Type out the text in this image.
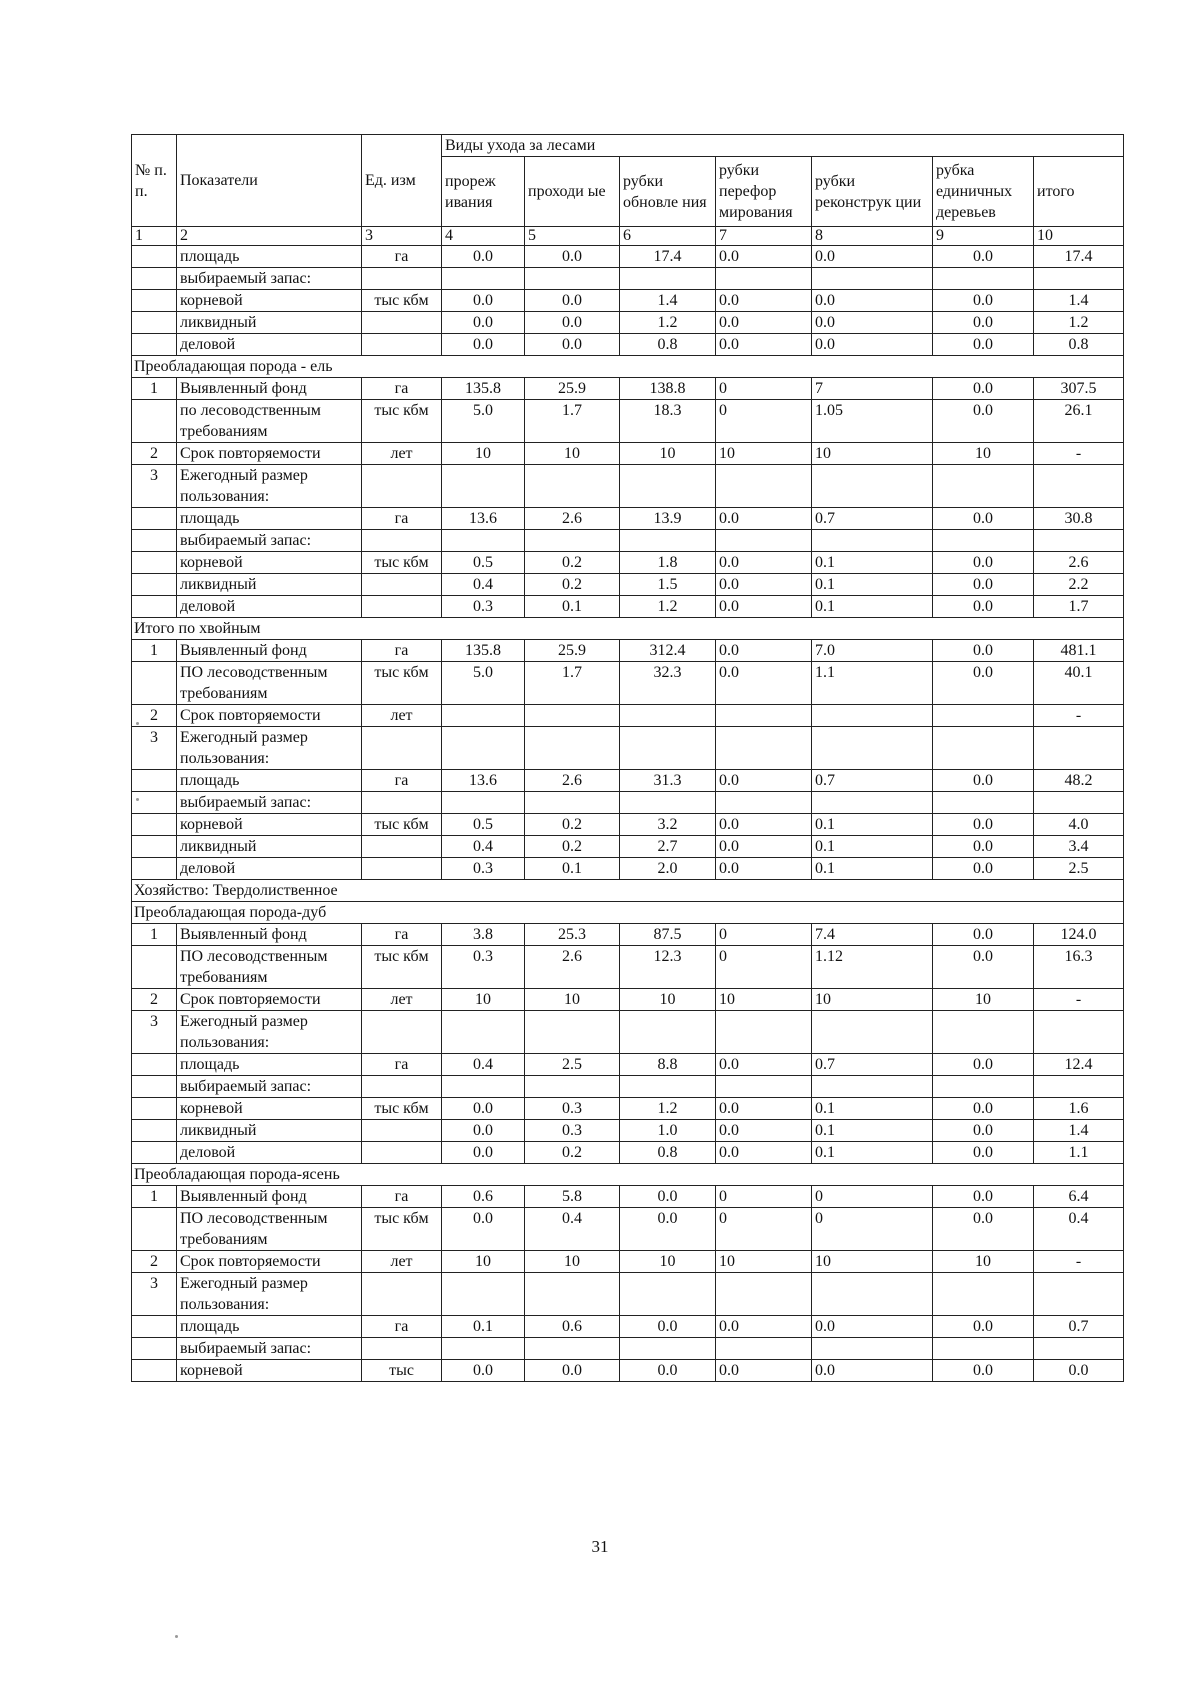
№ п. п.	Показатели	Ед. изм	Виды ухода за лесами						
			прореж ивания	проходи ые	рубки обновле ния	рубки перефор мирования	рубки реконструк ции	рубка единичных деревьев	итого
1	2	3	4	5	6	7	8	9	10
	площадь	га	0.0	0.0	17.4	0.0	0.0	0.0	17.4
	выбираемый запас:								
	корневой	тыс кбм	0.0	0.0	1.4	0.0	0.0	0.0	1.4
	ликвидный		0.0	0.0	1.2	0.0	0.0	0.0	1.2
	деловой		0.0	0.0	0.8	0.0	0.0	0.0	0.8
Преобладающая порода - ель									
1	Выявленный фонд	га	135.8	25.9	138.8	0	7	0.0	307.5
	по лесоводственным требованиям	тыс кбм	5.0	1.7	18.3	0	1.05	0.0	26.1
2	Срок повторяемости	лет	10	10	10	10	10	10	-
3	Ежегодный размер пользования:								
	площадь	га	13.6	2.6	13.9	0.0	0.7	0.0	30.8
	выбираемый запас:								
	корневой	тыс кбм	0.5	0.2	1.8	0.0	0.1	0.0	2.6
	ликвидный		0.4	0.2	1.5	0.0	0.1	0.0	2.2
	деловой		0.3	0.1	1.2	0.0	0.1	0.0	1.7
Итого по хвойным									
1	Выявленный фонд	га	135.8	25.9	312.4	0.0	7.0	0.0	481.1
	ПО лесоводственным требованиям	тыс кбм	5.0	1.7	32.3	0.0	1.1	0.0	40.1
2	Срок повторяемости	лет							-
3	Ежегодный размер пользования:								
	площадь	га	13.6	2.6	31.3	0.0	0.7	0.0	48.2
	выбираемый запас:								
	корневой	тыс кбм	0.5	0.2	3.2	0.0	0.1	0.0	4.0
	ликвидный		0.4	0.2	2.7	0.0	0.1	0.0	3.4
	деловой		0.3	0.1	2.0	0.0	0.1	0.0	2.5
Хозяйство: Твердолиственное									
Преобладающая порода-дуб									
1	Выявленный фонд	га	3.8	25.3	87.5	0	7.4	0.0	124.0
	ПО лесоводственным требованиям	тыс кбм	0.3	2.6	12.3	0	1.12	0.0	16.3
2	Срок повторяемости	лет	10	10	10	10	10	10	-
3	Ежегодный размер пользования:								
	площадь	га	0.4	2.5	8.8	0.0	0.7	0.0	12.4
	выбираемый запас:								
	корневой	тыс кбм	0.0	0.3	1.2	0.0	0.1	0.0	1.6
	ликвидный		0.0	0.3	1.0	0.0	0.1	0.0	1.4
	деловой		0.0	0.2	0.8	0.0	0.1	0.0	1.1
Преобладающая порода-ясень									
1	Выявленный фонд	га	0.6	5.8	0.0	0	0	0.0	6.4
	ПО лесоводственным требованиям	тыс кбм	0.0	0.4	0.0	0	0	0.0	0.4
2	Срок повторяемости	лет	10	10	10	10	10	10	-
3	Ежегодный размер пользования:								
	площадь	га	0.1	0.6	0.0	0.0	0.0	0.0	0.7
	выбираемый запас:								
	корневой	тыс	0.0	0.0	0.0	0.0	0.0	0.0	0.0
31
